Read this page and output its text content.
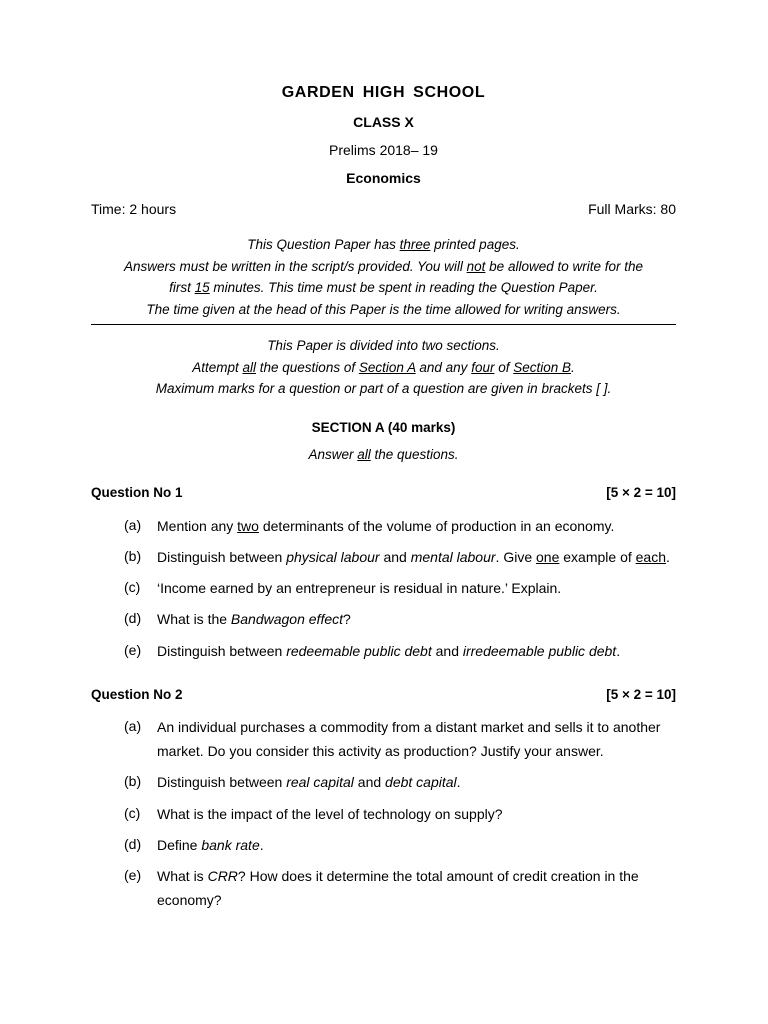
GARDEN HIGH SCHOOL
CLASS X
Prelims 2018– 19
Economics
Time: 2 hours	Full Marks: 80
This Question Paper has three printed pages.
Answers must be written in the script/s provided. You will not be allowed to write for the
first 15 minutes. This time must be spent in reading the Question Paper.
The time given at the head of this Paper is the time allowed for writing answers.
This Paper is divided into two sections.
Attempt all the questions of Section A and any four of Section B.
Maximum marks for a question or part of a question are given in brackets [ ].
SECTION A (40 marks)
Answer all the questions.
Question No 1	[5 × 2 = 10]
(a) Mention any two determinants of the volume of production in an economy.
(b) Distinguish between physical labour and mental labour. Give one example of each.
(c) ‘Income earned by an entrepreneur is residual in nature.’ Explain.
(d) What is the Bandwagon effect?
(e) Distinguish between redeemable public debt and irredeemable public debt.
Question No 2	[5 × 2 = 10]
(a) An individual purchases a commodity from a distant market and sells it to another
market. Do you consider this activity as production? Justify your answer.
(b) Distinguish between real capital and debt capital.
(c) What is the impact of the level of technology on supply?
(d) Define bank rate.
(e) What is CRR? How does it determine the total amount of credit creation in the
economy?
